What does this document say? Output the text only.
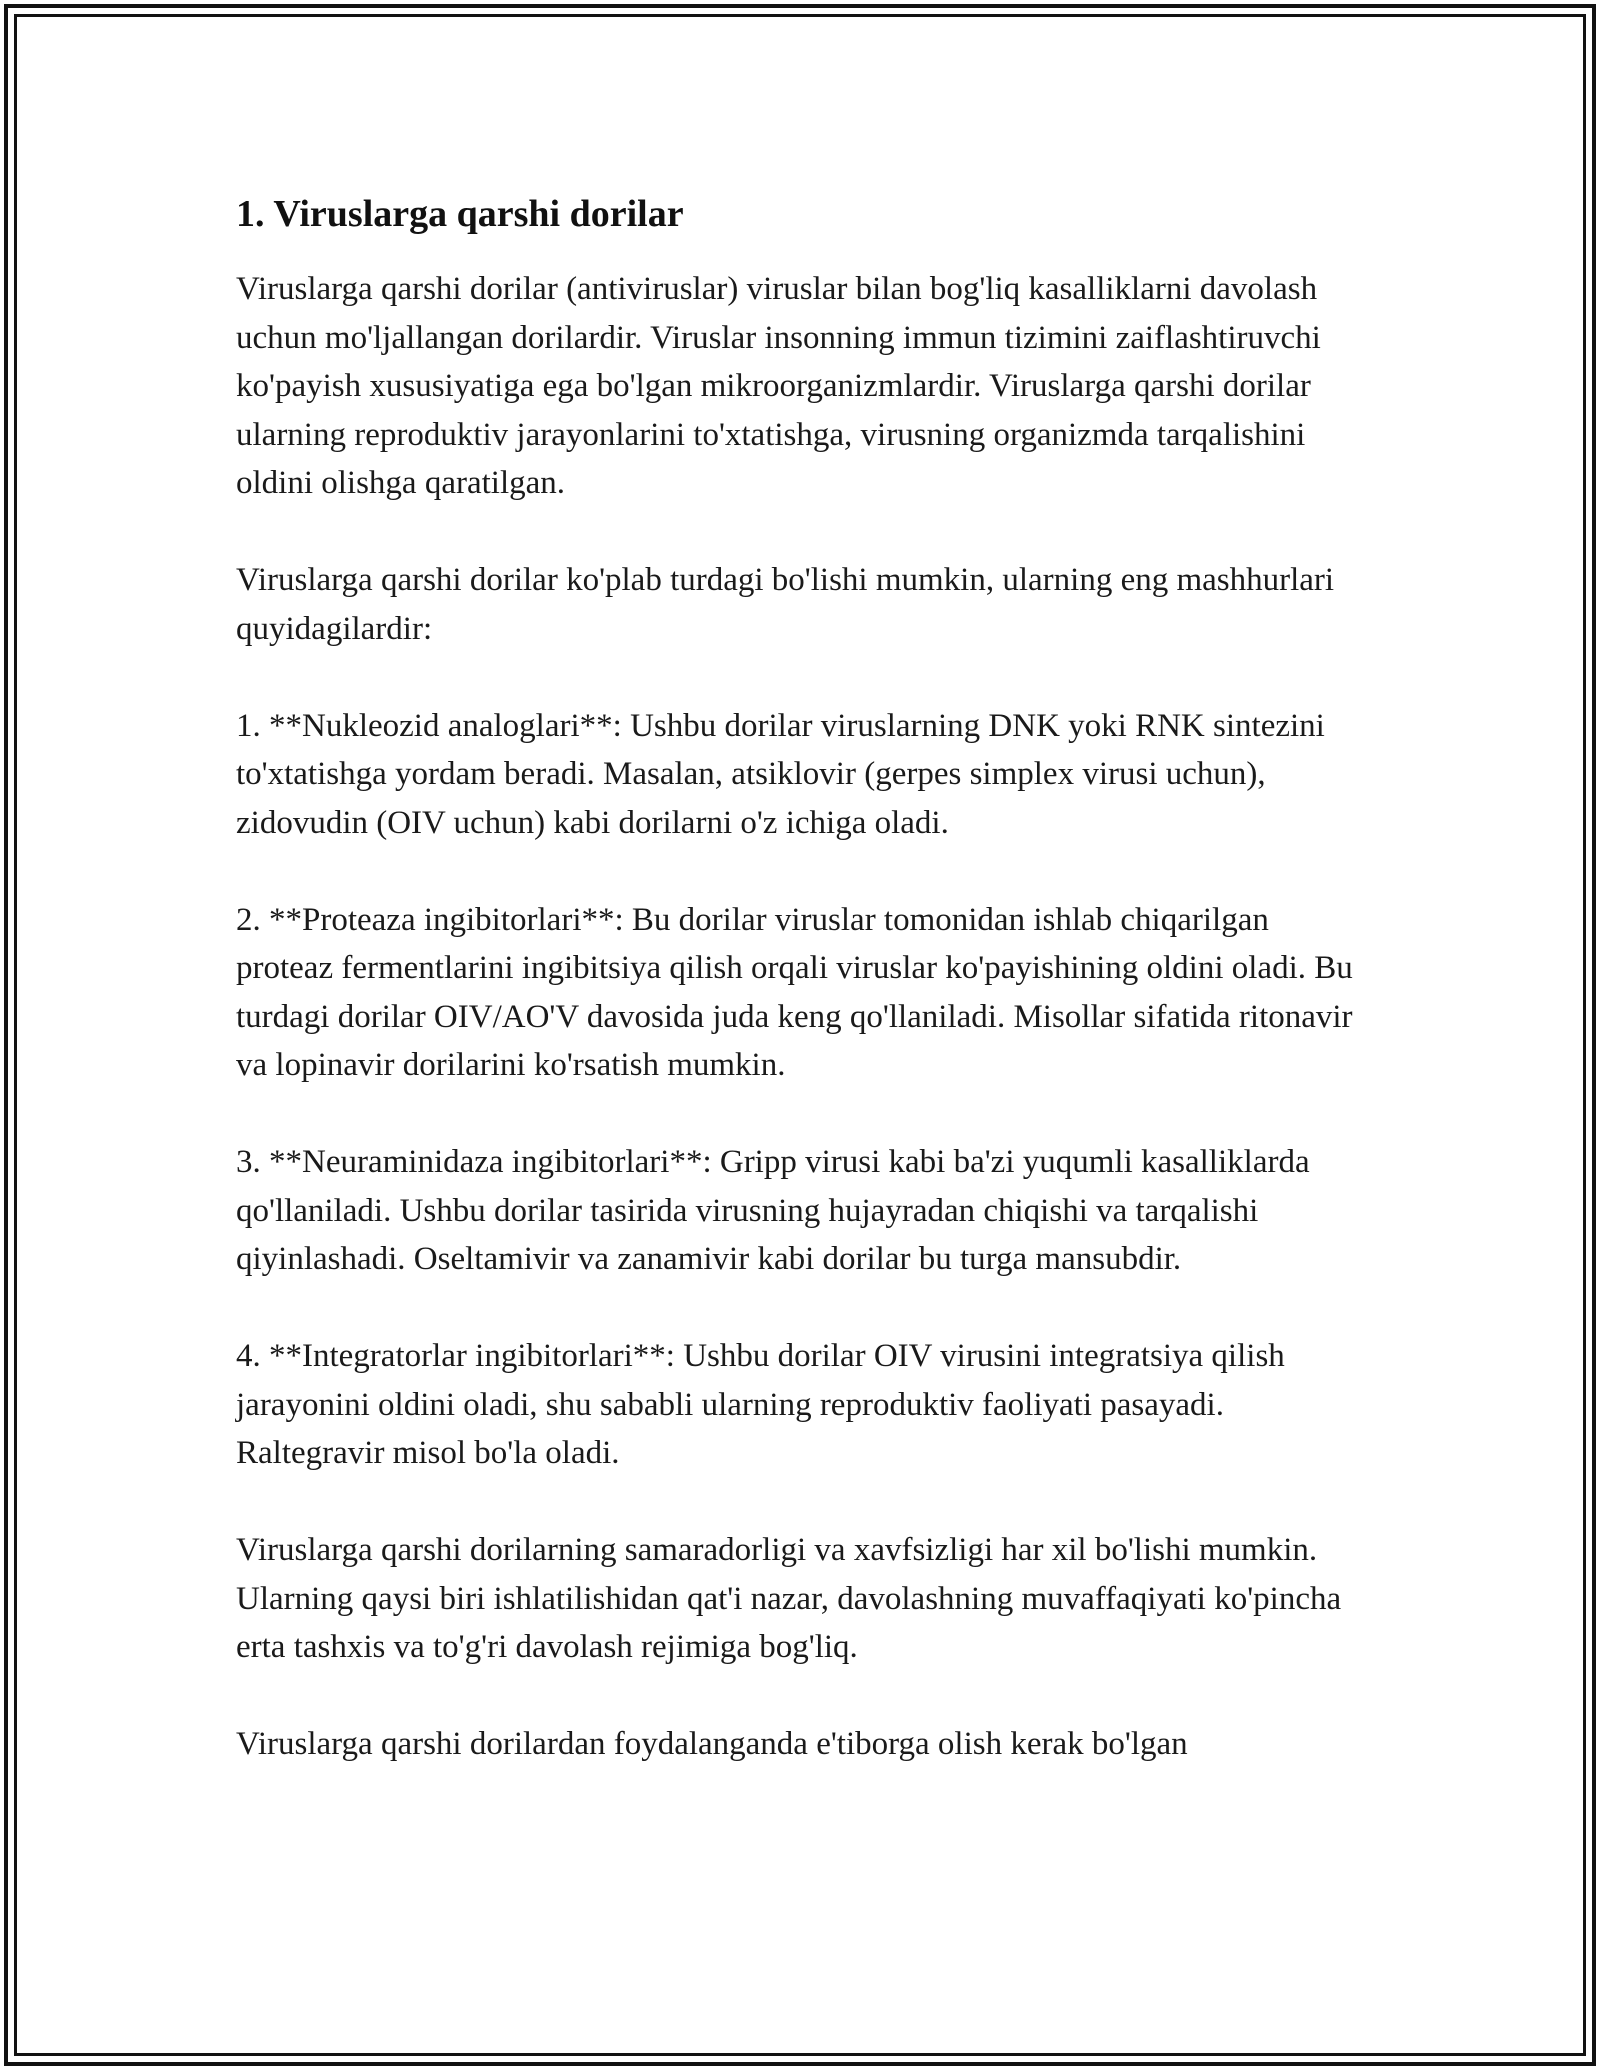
1. Viruslarga qarshi dorilar

Viruslarga qarshi dorilar (antiviruslar) viruslar bilan bog'liq kasalliklarni davolash uchun mo'ljallangan dorilardir. Viruslar insonning immun tizimini zaiflashtiruvchi ko'payish xususiyatiga ega bo'lgan mikroorganizmlardir. Viruslarga qarshi dorilar ularning reproduktiv jarayonlarini to'xtatishga, virusning organizmda tarqalishini oldini olishga qaratilgan.

Viruslarga qarshi dorilar ko'plab turdagi bo'lishi mumkin, ularning eng mashhurlari quyidagilardir:

1. **Nukleozid analoglari**: Ushbu dorilar viruslarning DNK yoki RNK sintezini to'xtatishga yordam beradi. Masalan, atsiklovir (gerpes simplex virusi uchun), zidovudin (OIV uchun) kabi dorilarni o'z ichiga oladi.

2. **Proteaza ingibitorlari**: Bu dorilar viruslar tomonidan ishlab chiqarilgan proteaz fermentlarini ingibitsiya qilish orqali viruslar ko'payishining oldini oladi. Bu turdagi dorilar OIV/AO'V davosida juda keng qo'llaniladi. Misollar sifatida ritonavir va lopinavir dorilarini ko'rsatish mumkin.

3. **Neuraminidaza ingibitorlari**: Gripp virusi kabi ba'zi yuqumli kasalliklarda qo'llaniladi. Ushbu dorilar tasirida virusning hujayradan chiqishi va tarqalishi qiyinlashadi. Oseltamivir va zanamivir kabi dorilar bu turga mansubdir.

4. **Integratorlar ingibitorlari**: Ushbu dorilar OIV virusini integratsiya qilish jarayonini oldini oladi, shu sababli ularning reproduktiv faoliyati pasayadi. Raltegravir misol bo'la oladi.

Viruslarga qarshi dorilarning samaradorligi va xavfsizligi har xil bo'lishi mumkin. Ularning qaysi biri ishlatilishidan qat'i nazar, davolashning muvaffaqiyati ko'pincha erta tashxis va to'g'ri davolash rejimiga bog'liq.

Viruslarga qarshi dorilardan foydalanganda e'tiborga olish kerak bo'lgan
